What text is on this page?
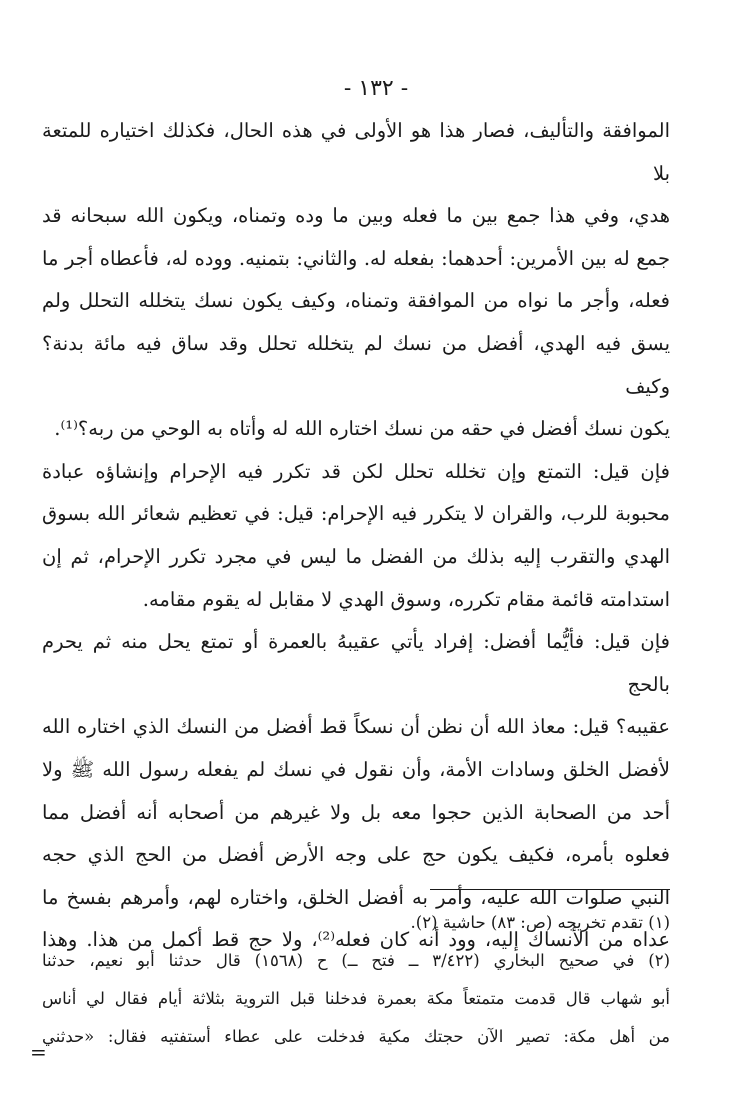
- ١٣٢ -

الموافقة والتأليف، فصار هذا هو الأولى في هذه الحال، فكذلك اختياره للمتعة بلا
هدي، وفي هذا جمع بين ما فعله وبين ما وده وتمناه، ويكون الله سبحانه قد
جمع له بين الأمرين: أحدهما: بفعله له. والثاني: بتمنيه. ووده له، فأعطاه أجر ما
فعله، وأجر ما نواه من الموافقة وتمناه، وكيف يكون نسك يتخلله التحلل ولم
يسق فيه الهدي، أفضل من نسك لم يتخلله تحلل وقد ساق فيه مائة بدنة؟ وكيف
يكون نسك أفضل في حقه من نسك اختاره الله له وأتاه به الوحي من ربه؟⁽¹⁾.

فإن قيل: التمتع وإن تخلله تحلل لكن قد تكرر فيه الإحرام وإنشاؤه عبادة
محبوبة للرب، والقران لا يتكرر فيه الإحرام: قيل: في تعظيم شعائر الله بسوق
الهدي والتقرب إليه بذلك من الفضل ما ليس في مجرد تكرر الإحرام، ثم إن
استدامته قائمة مقام تكرره، وسوق الهدي لا مقابل له يقوم مقامه.

فإن قيل: فأيُّما أفضل: إفراد يأتي عقيبهُ بالعمرة أو تمتع يحل منه ثم يحرم بالحج
عقيبه؟ قيل: معاذ الله أن نظن أن نسكاً قط أفضل من النسك الذي اختاره الله
لأفضل الخلق وسادات الأمة، وأن نقول في نسك لم يفعله رسول الله ﷺ ولا
أحد من الصحابة الذين حجوا معه بل ولا غيرهم من أصحابه أنه أفضل مما
فعلوه بأمره، فكيف يكون حج على وجه الأرض أفضل من الحج الذي حجه
النبي صلوات الله عليه، وأمر به أفضل الخلق، واختاره لهم، وأمرهم بفسخ ما
عداه من الأنساك إليه، وود أنه كان فعله⁽²⁾، ولا حج قط أكمل من هذا. وهذا

(١) تقدم تخريجه (ص: ٨٣) حاشية (٢).
(٢) في صحيح البخاري (٣/٤٢٢ ــ فتح ــ) ح (١٥٦٨) قال حدثنا أبو نعيم، حدثنا
أبو شهاب قال قدمت متمتعاً مكة بعمرة فدخلنا قبل التروية بثلاثة أيام فقال لي أناس
من أهل مكة: تصير الآن حجتك مكية فدخلت على عطاء أستفتيه فقال: «حدثني
=
